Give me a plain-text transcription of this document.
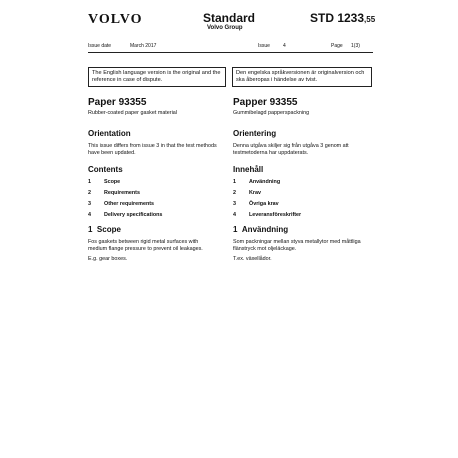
VOLVO	Standard
Volvo Group
STD 1233,55
Issue date	March 2017	Issue	4	Page 1(3)
The English language version is the original and the reference in case of dispute.
Den engelska språkversionen är originalversion och ska åberopas i händelse av tvist.
Paper 93355
Rubber-coated paper gasket material
Orientation
This issue differs from issue 3 in that the test methods have been updated.
Contents
1	Scope
2	Requirements
3	Other requirements
4	Delivery specifications
1 Scope
Fos gaskets between rigid metal surfaces with medium flange pressure to prevent oil leakages.
E.g. gear boxes.
Papper 93355
Gummibelagd papperspackning
Orientering
Denna utgåva skiljer sig från utgåva 3 genom att testmetoderna har uppdaterats.
Innehåll
1	Användning
2	Krav
3	Övriga krav
4	Leveransföreskrifter
1 Användning
Som packningar mellan styva metallytor med måttliga flänstryck mot oljeläckage.
T.ex. växellådor.
